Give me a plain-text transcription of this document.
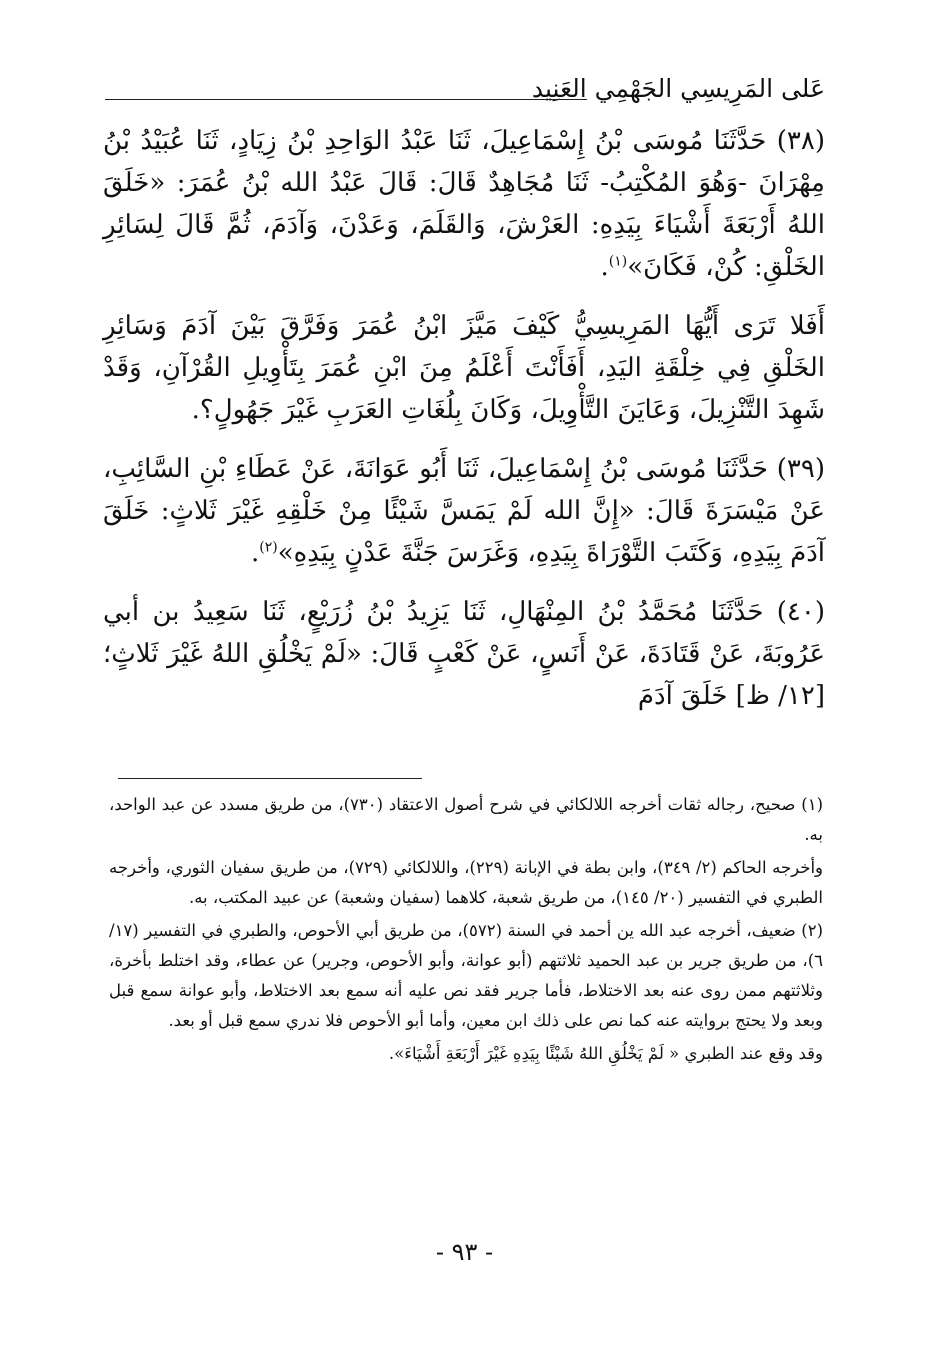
عَلى المَرِيسِي الجَهْمِي العَنِيد

(٣٨) حَدَّثَنَا مُوسَى بْنُ إِسْمَاعِيلَ، ثَنَا عَبْدُ الوَاحِدِ بْنُ زِيَادٍ، ثَنَا عُبَيْدُ بْنُ مِهْرَانَ -وَهُوَ المُكْتِبُ- ثَنَا مُجَاهِدٌ قَالَ: قَالَ عَبْدُ الله بْنُ عُمَرَ: «خَلَقَ اللهُ أَرْبَعَةَ أَشْيَاءَ بِيَدِهِ: العَرْشَ، وَالقَلَمَ، وَعَدْنَ، وَآدَمَ، ثُمَّ قَالَ لِسَائِرِ الخَلْقِ: كُنْ، فَكَانَ»$^{(١)}$.

أَفَلا تَرَى أَيُّهَا المَرِيسِيُّ كَيْفَ مَيَّزَ ابْنُ عُمَرَ وَفَرَّقَ بَيْنَ آدَمَ وَسَائِرِ الخَلْقِ فِي خِلْقَةِ اليَدِ، أَفَأَنْتَ أَعْلَمُ مِنَ ابْنِ عُمَرَ بِتَأْوِيلِ القُرْآنِ، وَقَدْ شَهِدَ التَّنْزِيلَ، وَعَايَنَ التَّأْوِيلَ، وَكَانَ بِلُغَاتِ العَرَبِ غَيْرَ جَهُولٍ؟.

(٣٩) حَدَّثَنَا مُوسَى بْنُ إِسْمَاعِيلَ، ثَنَا أَبُو عَوَانَةَ، عَنْ عَطَاءِ بْنِ السَّائِبِ، عَنْ مَيْسَرَةَ قَالَ: «إِنَّ الله لَمْ يَمَسَّ شَيْئًا مِنْ خَلْقِهِ غَيْرَ ثَلاثٍ: خَلَقَ آدَمَ بِيَدِهِ، وَكَتَبَ التَّوْرَاةَ بِيَدِهِ، وَغَرَسَ جَنَّةَ عَدْنٍ بِيَدِهِ»$^{(٢)}$.

(٤٠) حَدَّثَنَا مُحَمَّدُ بْنُ المِنْهَالِ، ثَنَا يَزِيدُ بْنُ زُرَيْعٍ، ثَنَا سَعِيدُ بن أبي عَرُوبَةَ، عَنْ قَتَادَةَ، عَنْ أَنَسٍ، عَنْ كَعْبٍ قَالَ: «لَمْ يَخْلُقِ اللهُ غَيْرَ ثَلاثٍ؛[١٢/ ظ] خَلَقَ آدَمَ

(١) صحيح، رجاله ثقات أخرجه اللالكائي في شرح أصول الاعتقاد (٧٣٠)، من طريق مسدد عن عبد الواحد، به.

وأخرجه الحاكم (٢/ ٣٤٩)، وابن بطة في الإبانة (٢٢٩)، واللالكائي (٧٢٩)، من طريق سفيان الثوري، وأخرجه الطبري في التفسير (٢٠/ ١٤٥)، من طريق شعبة، كلاهما (سفيان وشعبة) عن عبيد المكتب، به.

(٢) ضعيف، أخرجه عبد الله ين أحمد في السنة (٥٧٢)، من طريق أبي الأحوص، والطبري في التفسير (١٧/ ٦)، من طريق جرير بن عبد الحميد ثلاثتهم (أبو عوانة، وأبو الأحوص، وجرير) عن عطاء، وقد اختلط بأخرة، وثلاثتهم ممن روى عنه بعد الاختلاط، فأما جرير فقد نص عليه أنه سمع بعد الاختلاط، وأبو عوانة سمع قبل وبعد ولا يحتج بروايته عنه كما نص على ذلك ابن معين، وأما أبو الأحوص فلا ندري سمع قبل أو بعد.

وقد وقع عند الطبري « لَمْ يَخْلُقِ اللهُ شَيْئًا بِيَدِهِ غَيْرَ أَرْبَعَةِ أَشْيَاءَ».

- ٩٣ -
